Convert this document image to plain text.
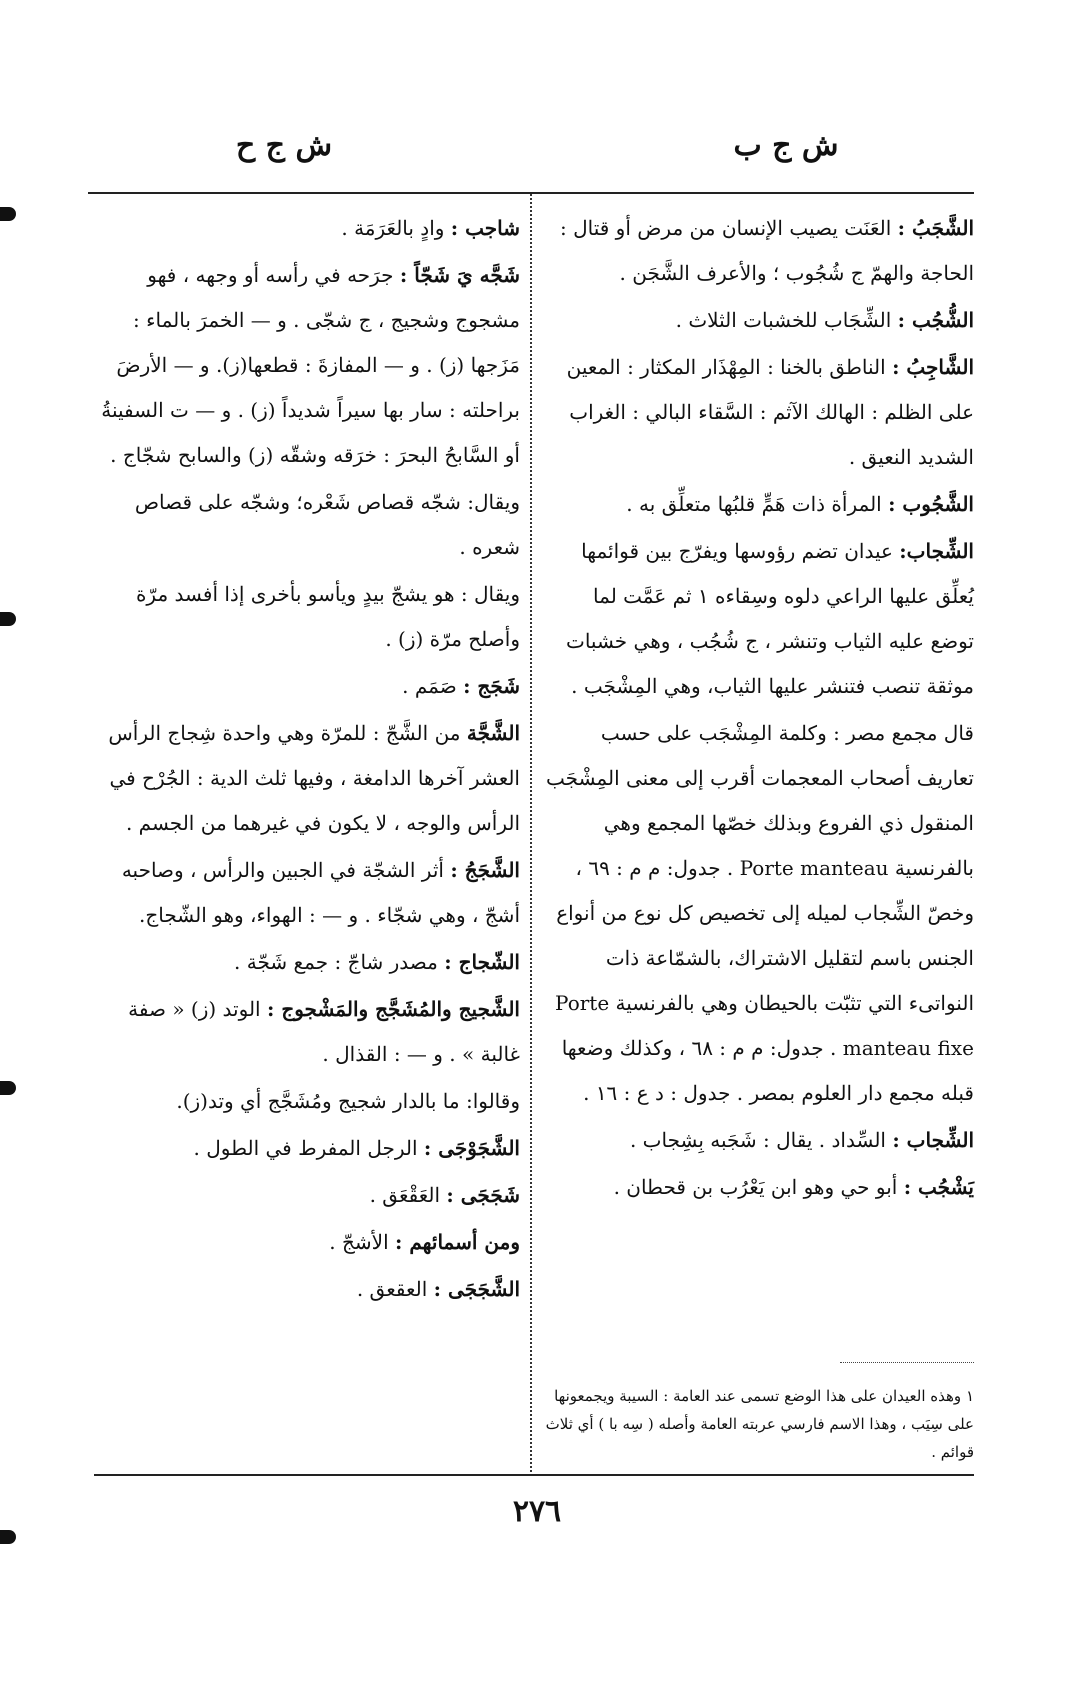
ش ج ب
ش ج ح

الشَّجَبُ : العَنَت يصيب الإنسان من مرض أو قتال : الحاجة والهمّ ج شُجُوب ؛ والأعرف الشَّجَن .

الشُّجُب : الشِّجَاب للخشبات الثلاث .

الشَّاجِبُ : الناطق بالخنا : المِهْذَار المكثار : المعين على الظلم : الهالك الآثم : السَّقاء البالي : الغراب الشديد النعيق .

الشَّجُوب : المرأة ذات هَمٍّ قلبُها متعلِّق به .

الشِّجاب: عيدان تضم رؤوسها ويفرّج بين قوائمها يُعلِّق عليها الراعي دلوه وسِقاءه ١ ثم عَمَّت لما توضع عليه الثياب وتنشر ، ج شُجُب ، وهي خشبات موثقة تنصب فتنشر عليها الثياب، وهي المِشْجَب .

قال مجمع مصر : وكلمة المِشْجَب على حسب تعاريف أصحاب المعجمات أقرب إلى معنى المِشْجَب المنقول ذي الفروع وبذلك خصّها المجمع وهي بالفرنسية Porte manteau . جدول: م م : ٦٩ ، وخصّ الشِّجاب لميله إلى تخصيص كل نوع من أنواع الجنس باسم لتقليل الاشتراك، بالشمّاعة ذات النواتىء التي تثبّت بالحيطان وهي بالفرنسية Porte manteau fixe . جدول: م م : ٦٨ ، وكذلك وضعها قبله مجمع دار العلوم بمصر . جدول : د ع : ١٦ .

الشِّجاب : السِّداد . يقال : شَجَبه بِشِجاب .

يَشْجُب : أبو حي وهو ابن يَعْرُب بن قحطان .

١ وهذه العيدان على هذا الوضع تسمى عند العامة : السيبة ويجمعونها على سِيَب ، وهذا الاسم فارسي عربته العامة وأصله ( سِه با ) أي ثلاث قوائم .

شاجب : وادٍ بالعَرَمَة .

شَجَّه يَ شَجّاً : جرَحه في رأسه أو وجهه ، فهو مشجوج وشجيج ، ج شجّى . و — الخمرَ بالماء : مَزَجها (ز) . و — المفازةَ : قطعها(ز). و — الأرضَ براحلته : سار بها سيراً شديداً (ز) . و — ت السفينةُ أو السَّابحُ البحرَ : خرَقه وشقّه (ز) والسابح شجّاج .

ويقال: شجّه قصاص شَعْره؛ وشجّه على قصاص شعره .

ويقال : هو يشجّ بيدٍ ويأسو بأخرى إذا أفسد مرّة وأصلح مرّة (ز) .

شَجَج : صَمَم .

الشَّجَّة من الشَّجّ : للمرّة وهي واحدة شِجاج الرأس العشر آخرها الدامغة ، وفيها ثلث الدية : الجُرْح في الرأس والوجه ، لا يكون في غيرهما من الجسم .

الشَّجَجُ : أثر الشجّة في الجبين والرأس ، وصاحبه أشجّ ، وهي شجّاء . و — : الهواء، وهو الشّجاج.

الشّجاج : مصدر شاجّ : جمع شَجّة .

الشَّجيج والمُشَجَّج والمَشْجوج : الوتد (ز) « صفة غالبة » . و — : القذال .

وقالوا: ما بالدار شجيج ومُشَجَّج أي وتد(ز).

الشَّجَوْجَى : الرجل المفرط في الطول .

شَجَجَى : العَقْعَق .

ومن أسمائهم : الأشجّ .

الشَّجَجَى : العقعق .

٢٧٦
